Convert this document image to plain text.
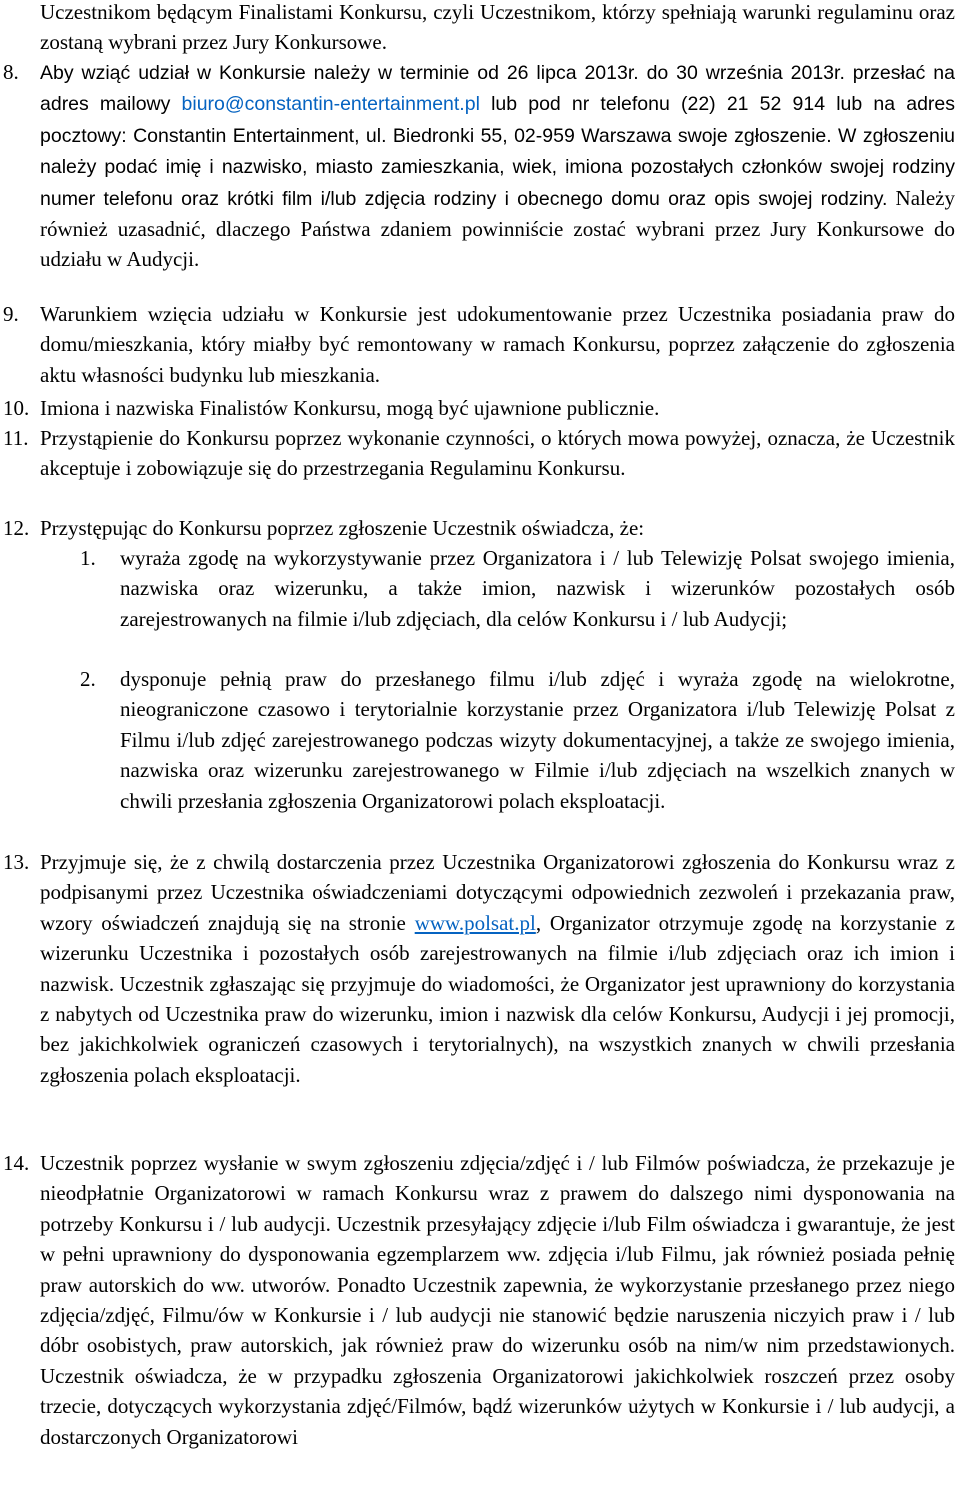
Uczestnikom będącym Finalistami Konkursu, czyli Uczestnikom, którzy spełniają warunki regulaminu oraz zostaną wybrani przez Jury Konkursowe.
8.	Aby wziąć udział w Konkursie należy w terminie od 26 lipca 2013r. do 30 września 2013r. przesłać na adres mailowy biuro@constantin-entertainment.pl lub pod nr telefonu (22) 21 52 914 lub na adres pocztowy: Constantin Entertainment, ul. Biedronki 55, 02-959 Warszawa swoje zgłoszenie. W zgłoszeniu należy podać imię i nazwisko, miasto zamieszkania, wiek, imiona pozostałych członków swojej rodziny numer telefonu oraz krótki film i/lub zdjęcia rodziny i obecnego domu oraz opis swojej rodziny. Należy również uzasadnić, dlaczego Państwa zdaniem powinniście zostać wybrani przez Jury Konkursowe do udziału w Audycji.
9.	Warunkiem wzięcia udziału w Konkursie jest udokumentowanie przez Uczestnika posiadania praw do domu/mieszkania, który miałby być remontowany w ramach Konkursu, poprzez załączenie do zgłoszenia aktu własności budynku lub mieszkania.
10. Imiona i nazwiska Finalistów Konkursu, mogą być ujawnione publicznie.
11. Przystąpienie do Konkursu poprzez wykonanie czynności, o których mowa powyżej, oznacza, że Uczestnik akceptuje i zobowiązuje się do przestrzegania Regulaminu Konkursu.
12. Przystępując do Konkursu poprzez zgłoszenie Uczestnik oświadcza, że:
1.	wyraża zgodę na wykorzystywanie przez Organizatora i / lub Telewizję Polsat swojego imienia, nazwiska oraz wizerunku, a także imion, nazwisk i wizerunków pozostałych osób zarejestrowanych na filmie i/lub zdjęciach, dla celów Konkursu i / lub Audycji;
2.	dysponuje pełnią praw do przesłanego filmu i/lub zdjęć i wyraża zgodę na wielokrotne, nieograniczone czasowo i terytorialnie korzystanie przez Organizatora i/lub Telewizję Polsat z Filmu i/lub zdjęć zarejestrowanego podczas wizyty dokumentacyjnej, a także ze swojego imienia, nazwiska oraz wizerunku zarejestrowanego w Filmie i/lub zdjęciach na wszelkich znanych w chwili przesłania zgłoszenia Organizatorowi polach eksploatacji.
13. Przyjmuje się, że z chwilą dostarczenia przez Uczestnika Organizatorowi zgłoszenia do Konkursu wraz z podpisanymi przez Uczestnika oświadczeniami dotyczącymi odpowiednich zezwoleń i przekazania praw, wzory oświadczeń znajdują się na stronie www.polsat.pl, Organizator otrzymuje zgodę na korzystanie z wizerunku Uczestnika i pozostałych osób zarejestrowanych na filmie i/lub zdjęciach oraz ich imion i nazwisk. Uczestnik zgłaszając się przyjmuje do wiadomości, że Organizator jest uprawniony do korzystania z nabytych od Uczestnika praw do wizerunku, imion i nazwisk dla celów Konkursu, Audycji i jej promocji, bez jakichkolwiek ograniczeń czasowych i terytorialnych), na wszystkich znanych w chwili przesłania zgłoszenia polach eksploatacji.
14. Uczestnik poprzez wysłanie w swym zgłoszeniu zdjęcia/zdjęć i / lub Filmów poświadcza, że przekazuje je nieodpłatnie Organizatorowi w ramach Konkursu wraz z prawem do dalszego nimi dysponowania na potrzeby Konkursu i / lub audycji. Uczestnik przesyłający zdjęcie i/lub Film oświadcza i gwarantuje, że jest w pełni uprawniony do dysponowania egzemplarzem ww. zdjęcia i/lub Filmu, jak również posiada pełnię praw autorskich do ww. utworów. Ponadto Uczestnik zapewnia, że wykorzystanie przesłanego przez niego zdjęcia/zdjęć, Filmu/ów w Konkursie i / lub audycji nie stanowić będzie naruszenia niczyich praw i / lub dóbr osobistych, praw autorskich, jak również praw do wizerunku osób na nim/w nim przedstawionych. Uczestnik oświadcza, że w przypadku zgłoszenia Organizatorowi jakichkolwiek roszczeń przez osoby trzecie, dotyczących wykorzystania zdjęć/Filmów, bądź wizerunków użytych w Konkursie i / lub audycji, a dostarczonych Organizatorowi
